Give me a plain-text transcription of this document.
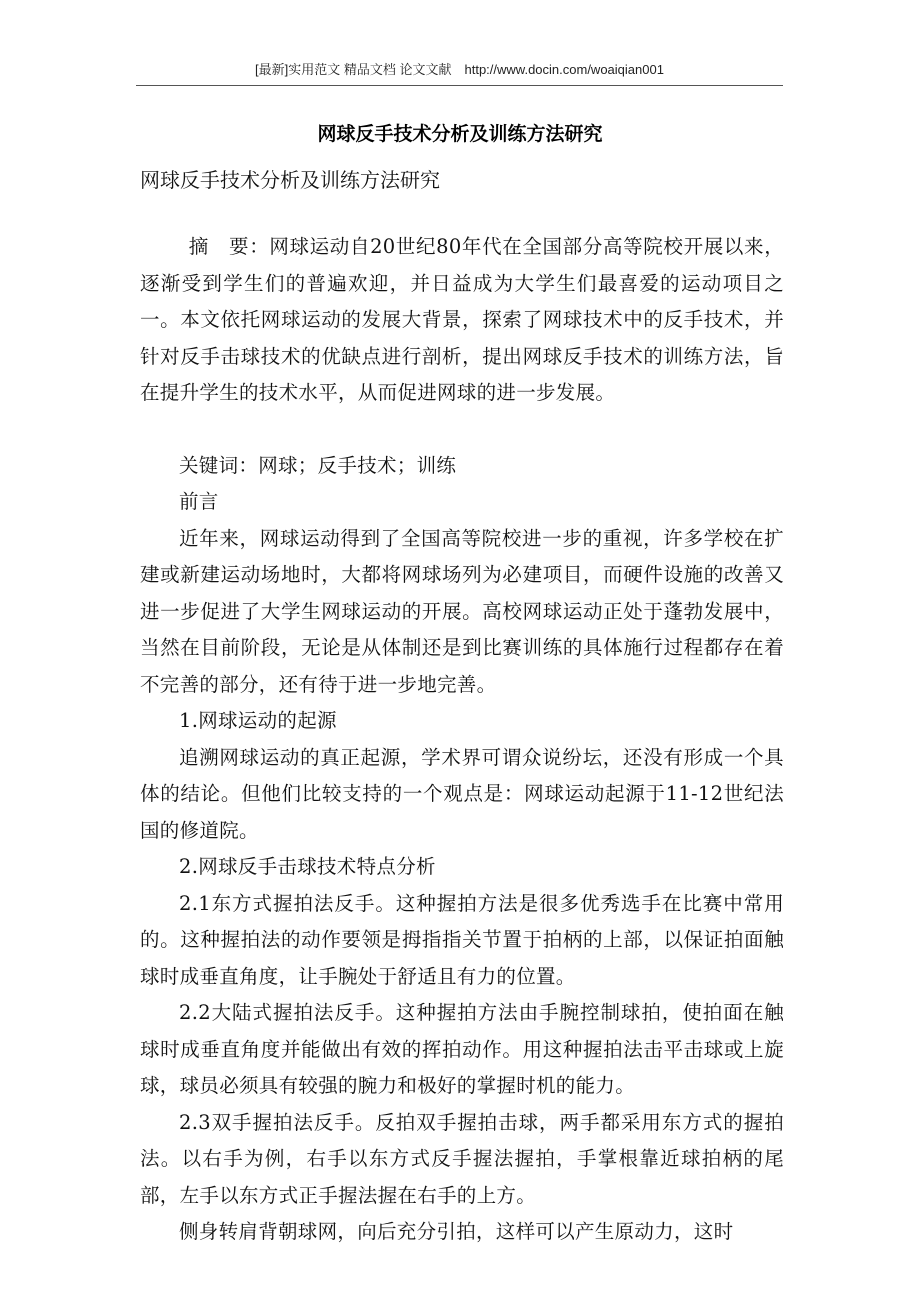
[最新]实用范文 精品文档 论文文献　http://www.docin.com/woaiqian001
网球反手技术分析及训练方法研究
网球反手技术分析及训练方法研究

摘　要：网球运动自20世纪80年代在全国部分高等院校开展以来，逐渐受到学生们的普遍欢迎，并日益成为大学生们最喜爱的运动项目之一。本文依托网球运动的发展大背景，探索了网球技术中的反手技术，并针对反手击球技术的优缺点进行剖析，提出网球反手技术的训练方法，旨在提升学生的技术水平，从而促进网球的进一步发展。

关键词：网球；反手技术；训练

前言

近年来，网球运动得到了全国高等院校进一步的重视，许多学校在扩建或新建运动场地时，大都将网球场列为必建项目，而硬件设施的改善又进一步促进了大学生网球运动的开展。高校网球运动正处于蓬勃发展中，当然在目前阶段，无论是从体制还是到比赛训练的具体施行过程都存在着不完善的部分，还有待于进一步地完善。

1.网球运动的起源

追溯网球运动的真正起源，学术界可谓众说纷坛，还没有形成一个具体的结论。但他们比较支持的一个观点是：网球运动起源于11-12世纪法国的修道院。

2.网球反手击球技术特点分析

2.1东方式握拍法反手。这种握拍方法是很多优秀选手在比赛中常用的。这种握拍法的动作要领是拇指指关节置于拍柄的上部，以保证拍面触球时成垂直角度，让手腕处于舒适且有力的位置。

2.2大陆式握拍法反手。这种握拍方法由手腕控制球拍，使拍面在触球时成垂直角度并能做出有效的挥拍动作。用这种握拍法击平击球或上旋球，球员必须具有较强的腕力和极好的掌握时机的能力。

2.3双手握拍法反手。反拍双手握拍击球，两手都采用东方式的握拍法。以右手为例，右手以东方式反手握法握拍，手掌根靠近球拍柄的尾部，左手以东方式正手握法握在右手的上方。

侧身转肩背朝球网，向后充分引拍，这样可以产生原动力，这时
